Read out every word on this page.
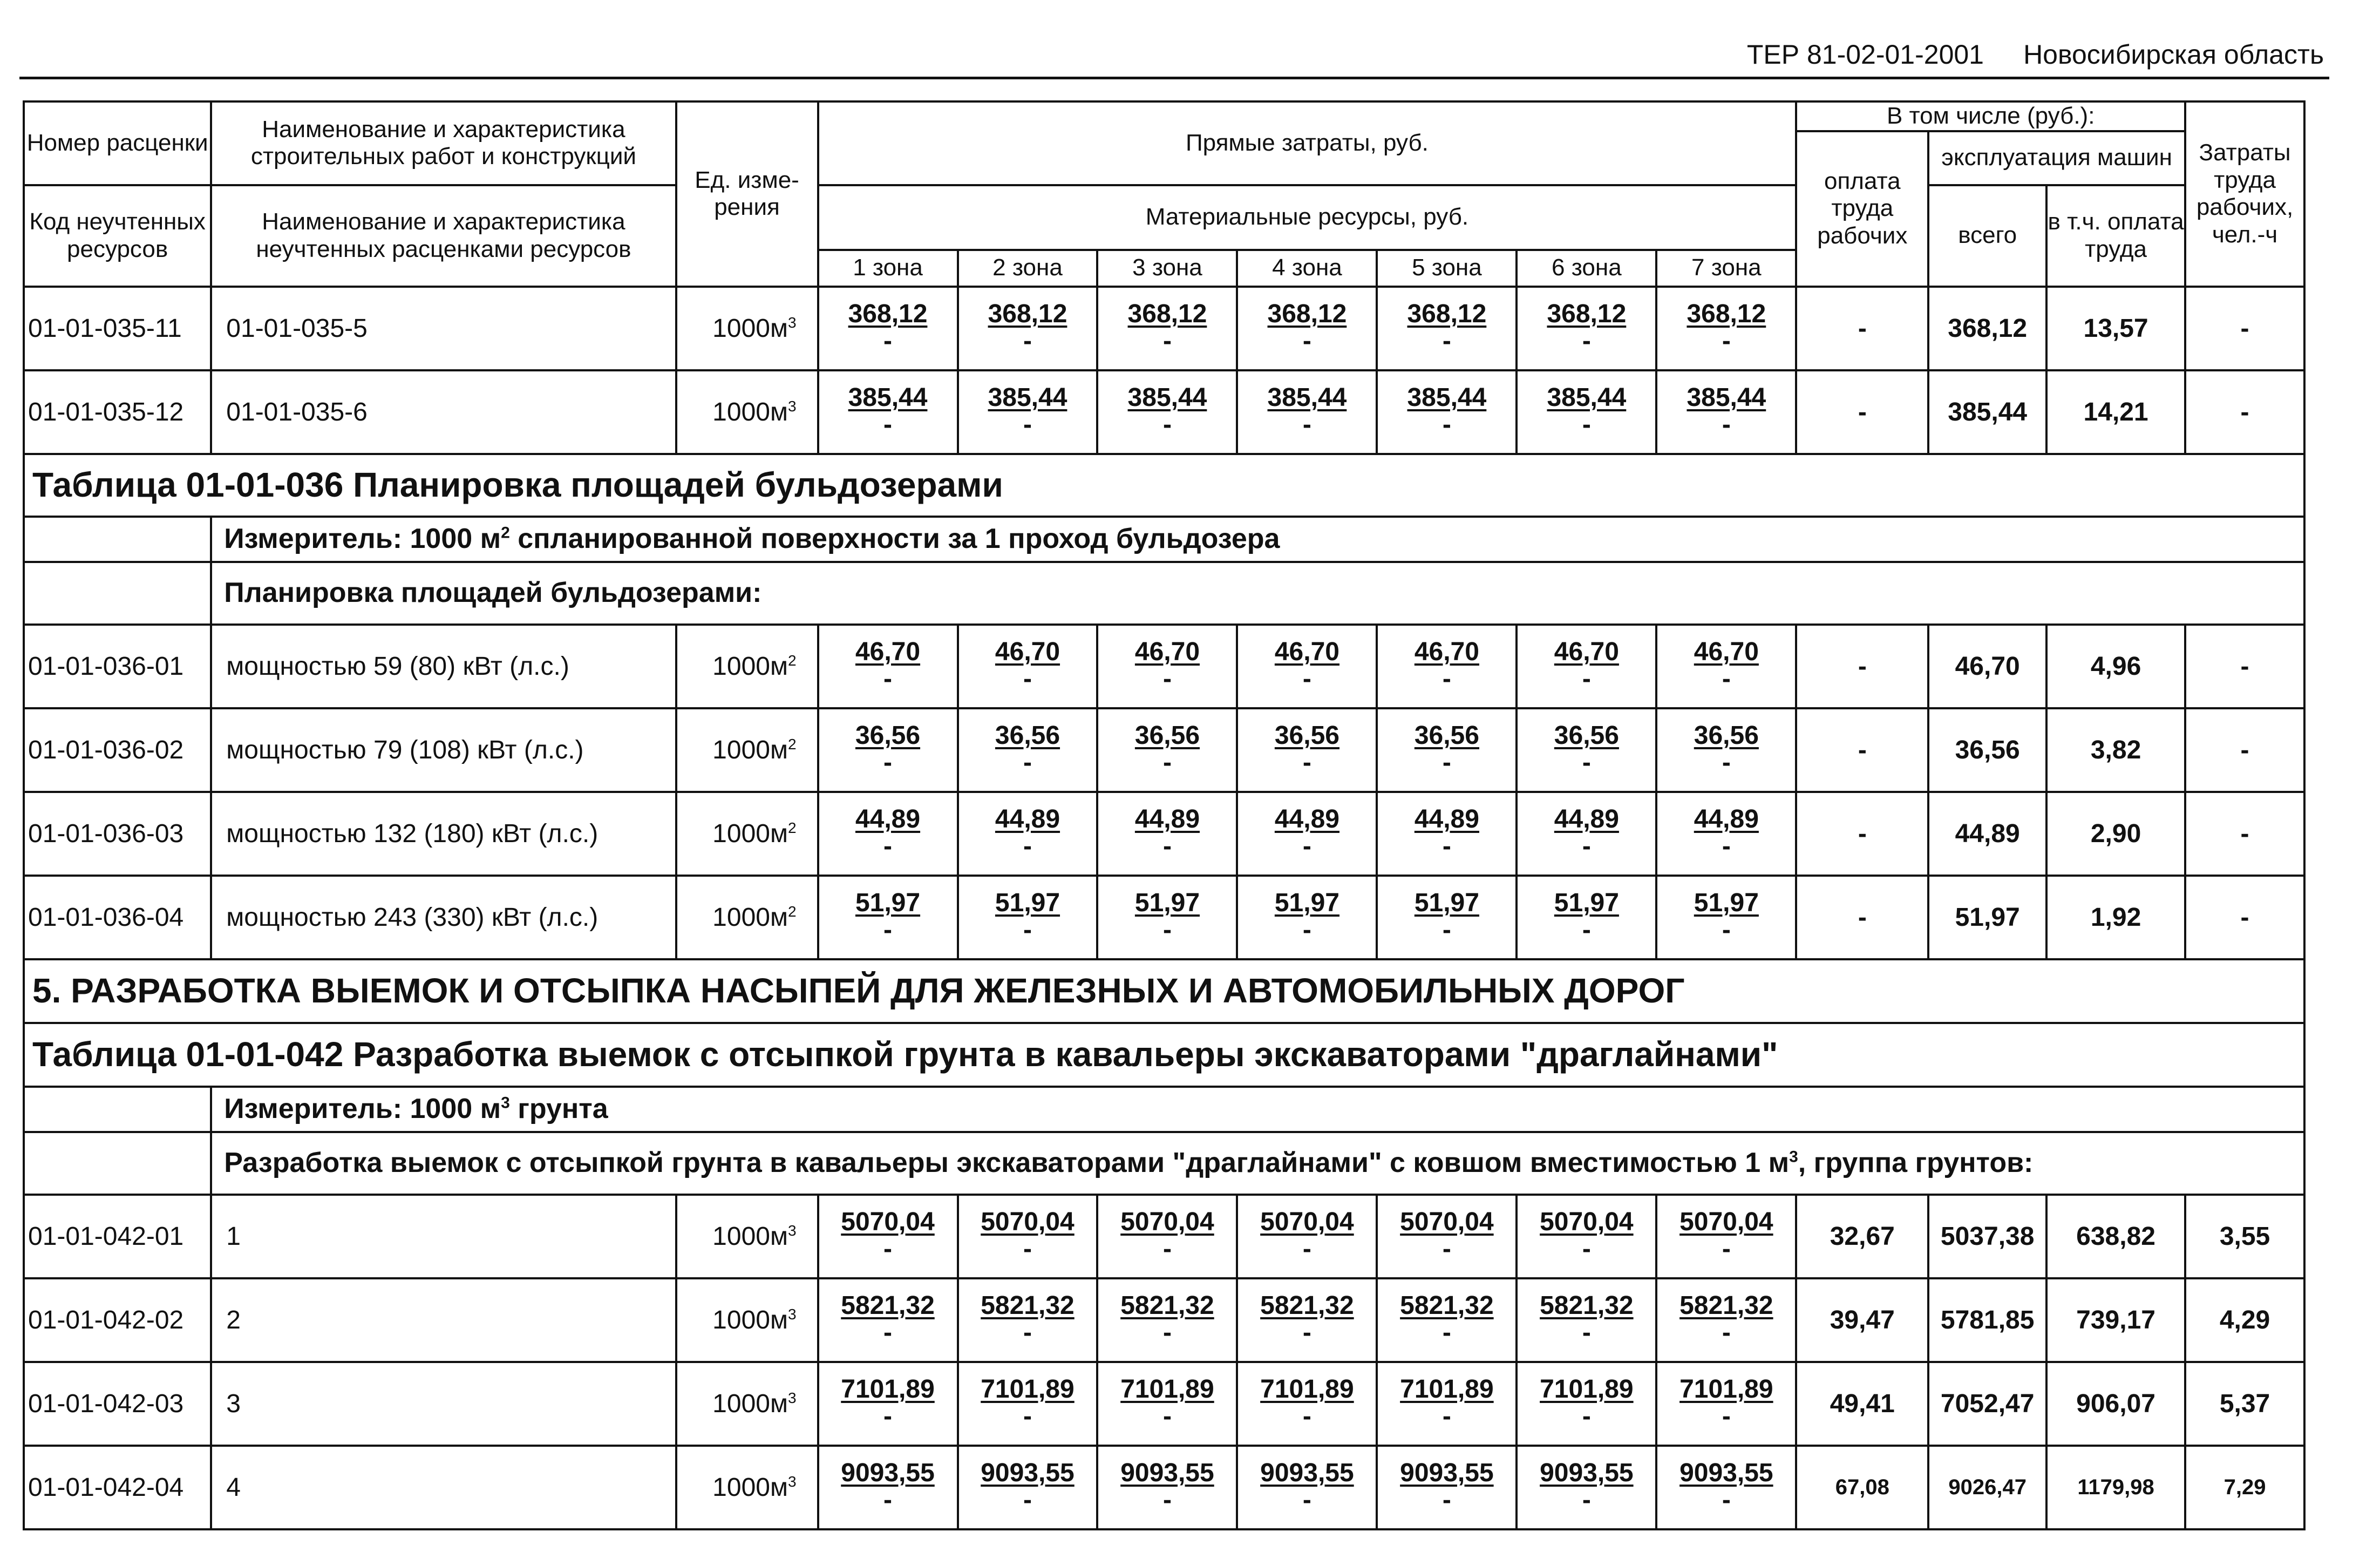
ТЕР 81-02-01-2001 Новосибирская область
Номер расценки	Наименование и характеристика строительных работ и конструкций	Ед. изме-рения	Прямые затраты, руб.							В том числе (руб.):			Затраты труда рабочих, чел.-ч
										оплата труда рабочих	эксплуатация машин		
Код неучтенных ресурсов	Наименование и характеристика неучтенных расценками ресурсов		Материальные ресурсы, руб.								всего	в т.ч. оплата труда	
			1 зона	2 зона	3 зона	4 зона	5 зона	6 зона	7 зона				
01-01-035-11	01-01-035-5	$1000м^3$	$\frac{368,12}{-}$	$\frac{368,12}{-}$	$\frac{368,12}{-}$	$\frac{368,12}{-}$	$\frac{368,12}{-}$	$\frac{368,12}{-}$	$\frac{368,12}{-}$	-	368,12	13,57	-
01-01-035-12	01-01-035-6	$1000м^3$	$\frac{385,44}{-}$	$\frac{385,44}{-}$	$\frac{385,44}{-}$	$\frac{385,44}{-}$	$\frac{385,44}{-}$	$\frac{385,44}{-}$	$\frac{385,44}{-}$	-	385,44	14,21	-
Таблица 01-01-036 Планировка площадей бульдозерами													
	Измеритель: 1000 $м^2$ спланированной поверхности за 1 проход бульдозера												
	Планировка площадей бульдозерами:												
01-01-036-01	мощностью 59 (80) кВт (л.с.)	$1000м^2$	$\frac{46,70}{-}$	$\frac{46,70}{-}$	$\frac{46,70}{-}$	$\frac{46,70}{-}$	$\frac{46,70}{-}$	$\frac{46,70}{-}$	$\frac{46,70}{-}$	-	46,70	4,96	-
01-01-036-02	мощностью 79 (108) кВт (л.с.)	$1000м^2$	$\frac{36,56}{-}$	$\frac{36,56}{-}$	$\frac{36,56}{-}$	$\frac{36,56}{-}$	$\frac{36,56}{-}$	$\frac{36,56}{-}$	$\frac{36,56}{-}$	-	36,56	3,82	-
01-01-036-03	мощностью 132 (180) кВт (л.с.)	$1000м^2$	$\frac{44,89}{-}$	$\frac{44,89}{-}$	$\frac{44,89}{-}$	$\frac{44,89}{-}$	$\frac{44,89}{-}$	$\frac{44,89}{-}$	$\frac{44,89}{-}$	-	44,89	2,90	-
01-01-036-04	мощностью 243 (330) кВт (л.с.)	$1000м^2$	$\frac{51,97}{-}$	$\frac{51,97}{-}$	$\frac{51,97}{-}$	$\frac{51,97}{-}$	$\frac{51,97}{-}$	$\frac{51,97}{-}$	$\frac{51,97}{-}$	-	51,97	1,92	-
5. РАЗРАБОТКА ВЫЕМОК И ОТСЫПКА НАСЫПЕЙ ДЛЯ ЖЕЛЕЗНЫХ И АВТОМОБИЛЬНЫХ ДОРОГ													
Таблица 01-01-042 Разработка выемок с отсыпкой грунта в кавальеры экскаваторами "драглайнами"													
	Измеритель: 1000 $м^3$ грунта												
	Разработка выемок с отсыпкой грунта в кавальеры экскаваторами "драглайнами" с ковшом вместимостью 1 $м^3$, группа грунтов:												
01-01-042-01	1	$1000м^3$	$\frac{5070,04}{-}$	$\frac{5070,04}{-}$	$\frac{5070,04}{-}$	$\frac{5070,04}{-}$	$\frac{5070,04}{-}$	$\frac{5070,04}{-}$	$\frac{5070,04}{-}$	32,67	5037,38	638,82	3,55
01-01-042-02	2	$1000м^3$	$\frac{5821,32}{-}$	$\frac{5821,32}{-}$	$\frac{5821,32}{-}$	$\frac{5821,32}{-}$	$\frac{5821,32}{-}$	$\frac{5821,32}{-}$	$\frac{5821,32}{-}$	39,47	5781,85	739,17	4,29
01-01-042-03	3	$1000м^3$	$\frac{7101,89}{-}$	$\frac{7101,89}{-}$	$\frac{7101,89}{-}$	$\frac{7101,89}{-}$	$\frac{7101,89}{-}$	$\frac{7101,89}{-}$	$\frac{7101,89}{-}$	49,41	7052,47	906,07	5,37
01-01-042-04	4	$1000м^3$	$\frac{9093,55}{-}$	$\frac{9093,55}{-}$	$\frac{9093,55}{-}$	$\frac{9093,55}{-}$	$\frac{9093,55}{-}$	$\frac{9093,55}{-}$	$\frac{9093,55}{-}$	67,08	9026,47	1179,98	7,29
